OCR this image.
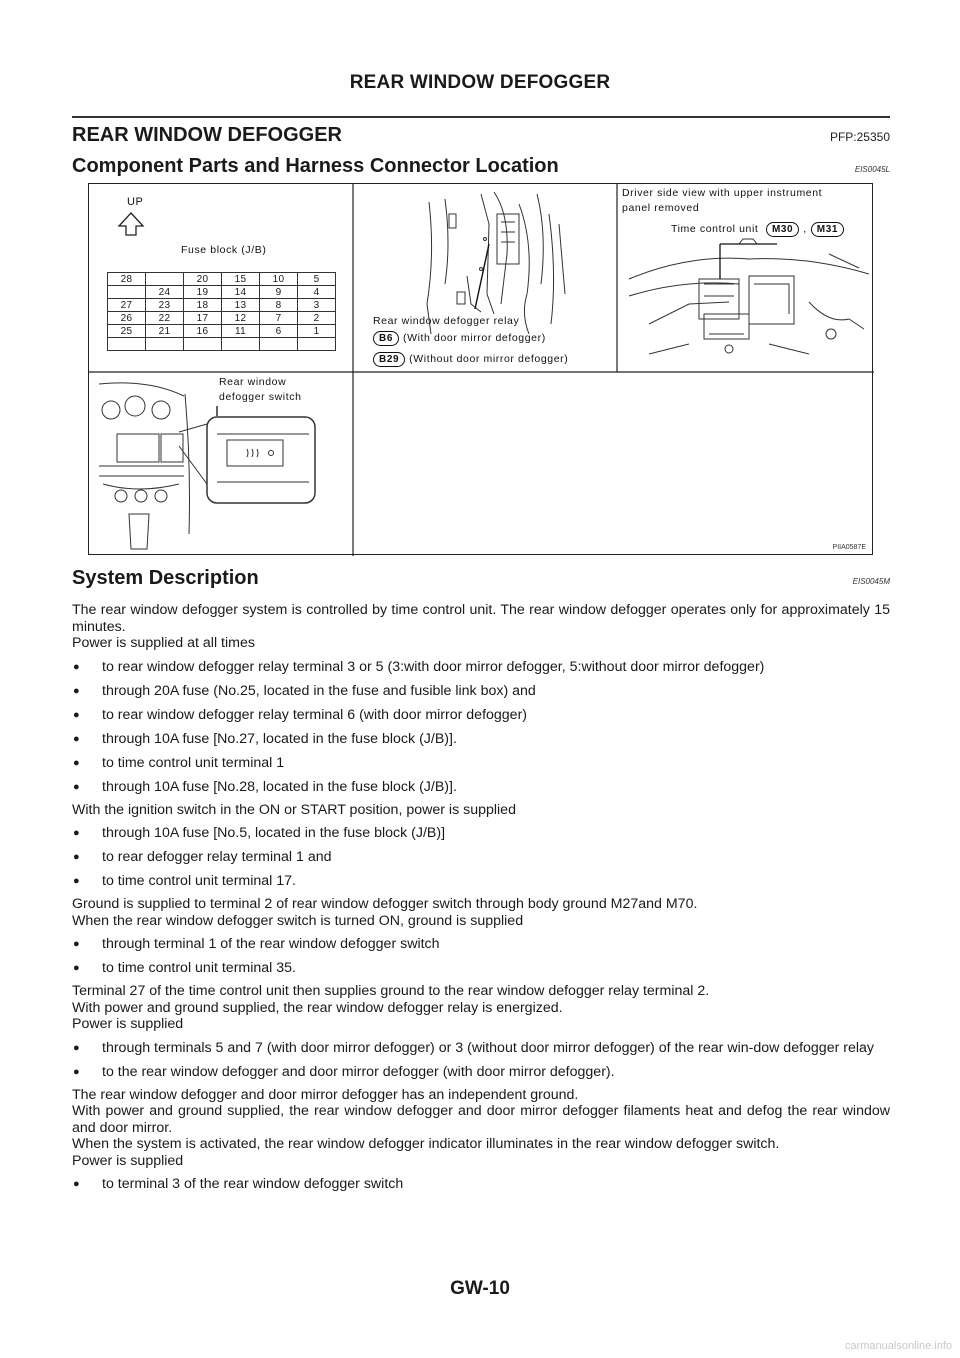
REAR WINDOW DEFOGGER
REAR WINDOW DEFOGGER	PFP:25350
Component Parts and Harness Connector Location	EIS0045L
UP
Fuse block (J/B)
28		20	15	10	5
	24	19	14	9	4
27	23	18	13	8	3
26	22	17	12	7	2
25	21	16	11	6	1

Rear window defogger relay
B6 (With door mirror defogger)
B29 (Without door mirror defogger)
Driver side view with upper instrument
panel removed
Time control unit M30 , M31
Rear window
defogger switch
PIIA0587E
System Description	EIS0045M

The rear window defogger system is controlled by time control unit. The rear window defogger operates only for approximately 15 minutes.

Power is supplied at all times

●	to rear window defogger relay terminal 3 or 5 (3:with door mirror defogger, 5:without door mirror defogger)
●	through 20A fuse (No.25, located in the fuse and fusible link box) and
●	to rear window defogger relay terminal 6 (with door mirror defogger)
●	through 10A fuse [No.27, located in the fuse block (J/B)].
●	to time control unit terminal 1
●	through 10A fuse [No.28, located in the fuse block (J/B)].

With the ignition switch in the ON or START position, power is supplied

●	through 10A fuse [No.5, located in the fuse block (J/B)]
●	to rear defogger relay terminal 1 and
●	to time control unit terminal 17.

Ground is supplied to terminal 2 of rear window defogger switch through body ground M27and M70.

When the rear window defogger switch is turned ON, ground is supplied

●	through terminal 1 of the rear window defogger switch
●	to time control unit terminal 35.

Terminal 27 of the time control unit then supplies ground to the rear window defogger relay terminal 2.

With power and ground supplied, the rear window defogger relay is energized.

Power is supplied

●	through terminals 5 and 7 (with door mirror defogger) or 3 (without door mirror defogger) of the rear win-dow defogger relay
●	to the rear window defogger and door mirror defogger (with door mirror defogger).

The rear window defogger and door mirror defogger has an independent ground.

With power and ground supplied, the rear window defogger and door mirror defogger filaments heat and defog the rear window and door mirror.

When the system is activated, the rear window defogger indicator illuminates in the rear window defogger switch.

Power is supplied

●	to terminal 3 of the rear window defogger switch
GW-10
carmanualsonline.info
